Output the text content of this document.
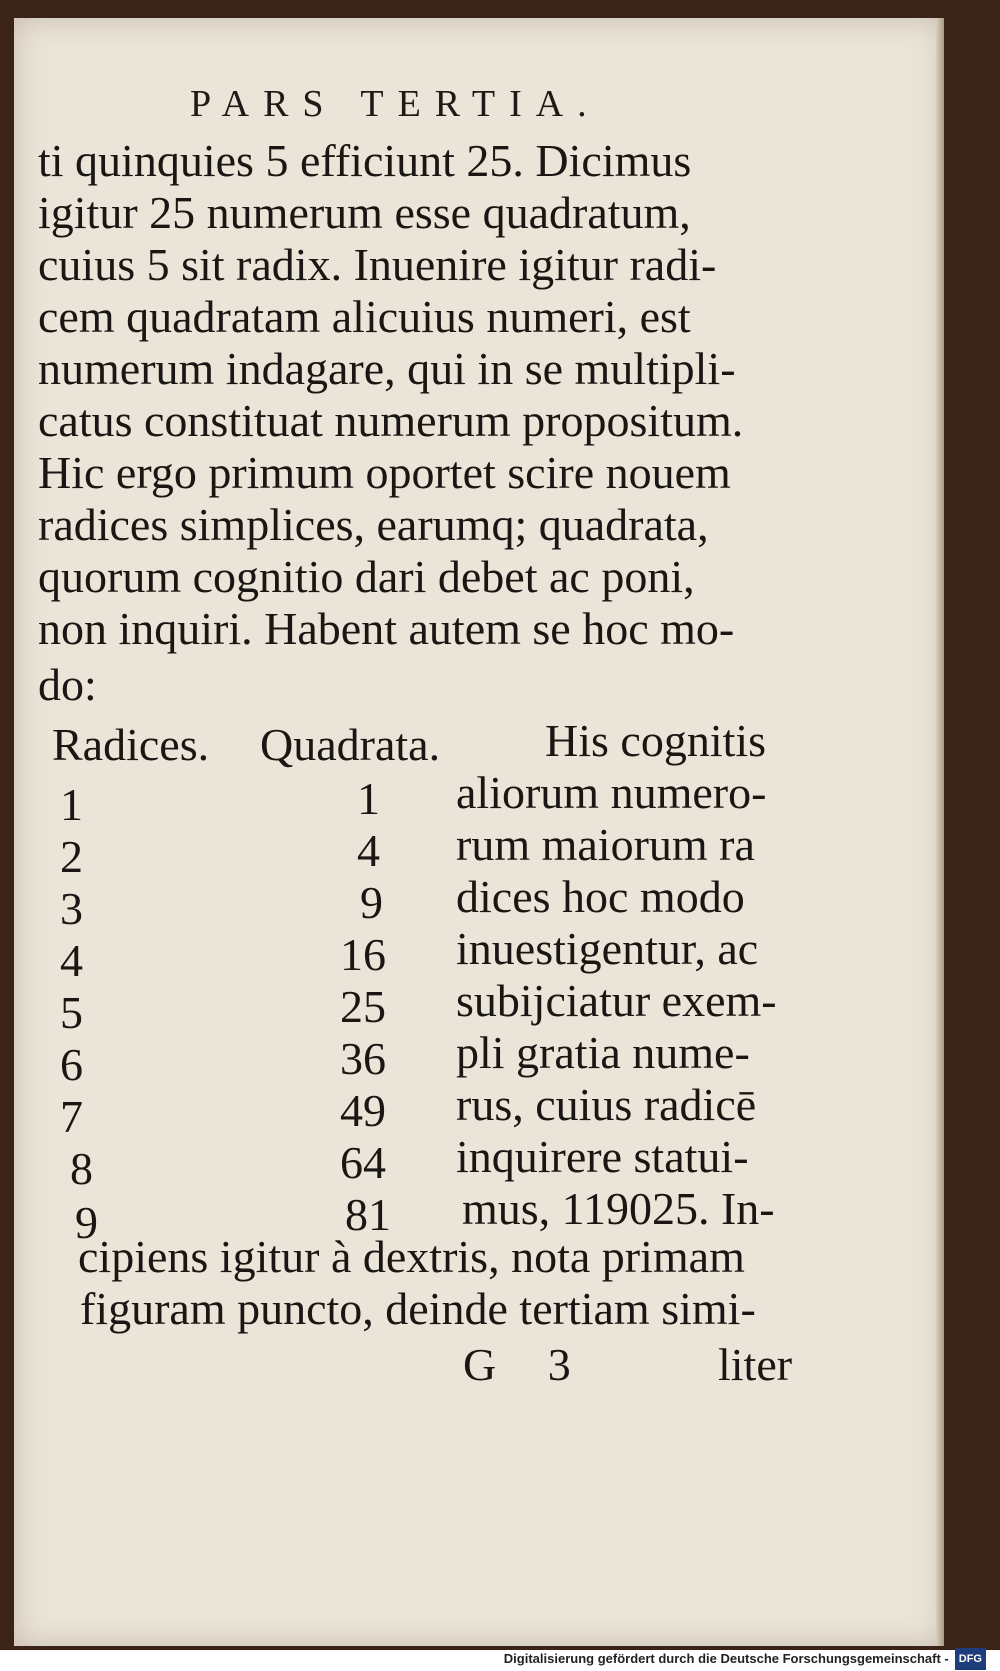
PARS TERTIA.
ti quinquies 5 efficiunt 25. Dicimus
igitur 25 numerum esse quadratum,
cuius 5 sit radix. Inuenire igitur radi-
cem quadratam alicuius numeri, est
numerum indagare, qui in se multipli-
catus constituat numerum propositum.
Hic ergo primum oportet scire nouem
radices simplices, earumq; quadrata,
quorum cognitio dari debet ac poni,
non inquiri. Habent autem se hoc mo-
do:
Radices. Quadrata.
1
2
3
4
5
6
7
8
9
1
4
9
16
25
36
49
64
81
His cognitis
aliorum numero-
rum maiorum ra
dices hoc modo
inuestigentur, ac
subijciatur exem-
pli gratia nume-
rus, cuius radicē
inquirere statui-
mus, 119025. In-
cipiens igitur à dextris, nota primam
figuram puncto, deinde tertiam simi-
G 3	liter
Digitalisierung gefördert durch die Deutsche Forschungsgemeinschaft - DFG
